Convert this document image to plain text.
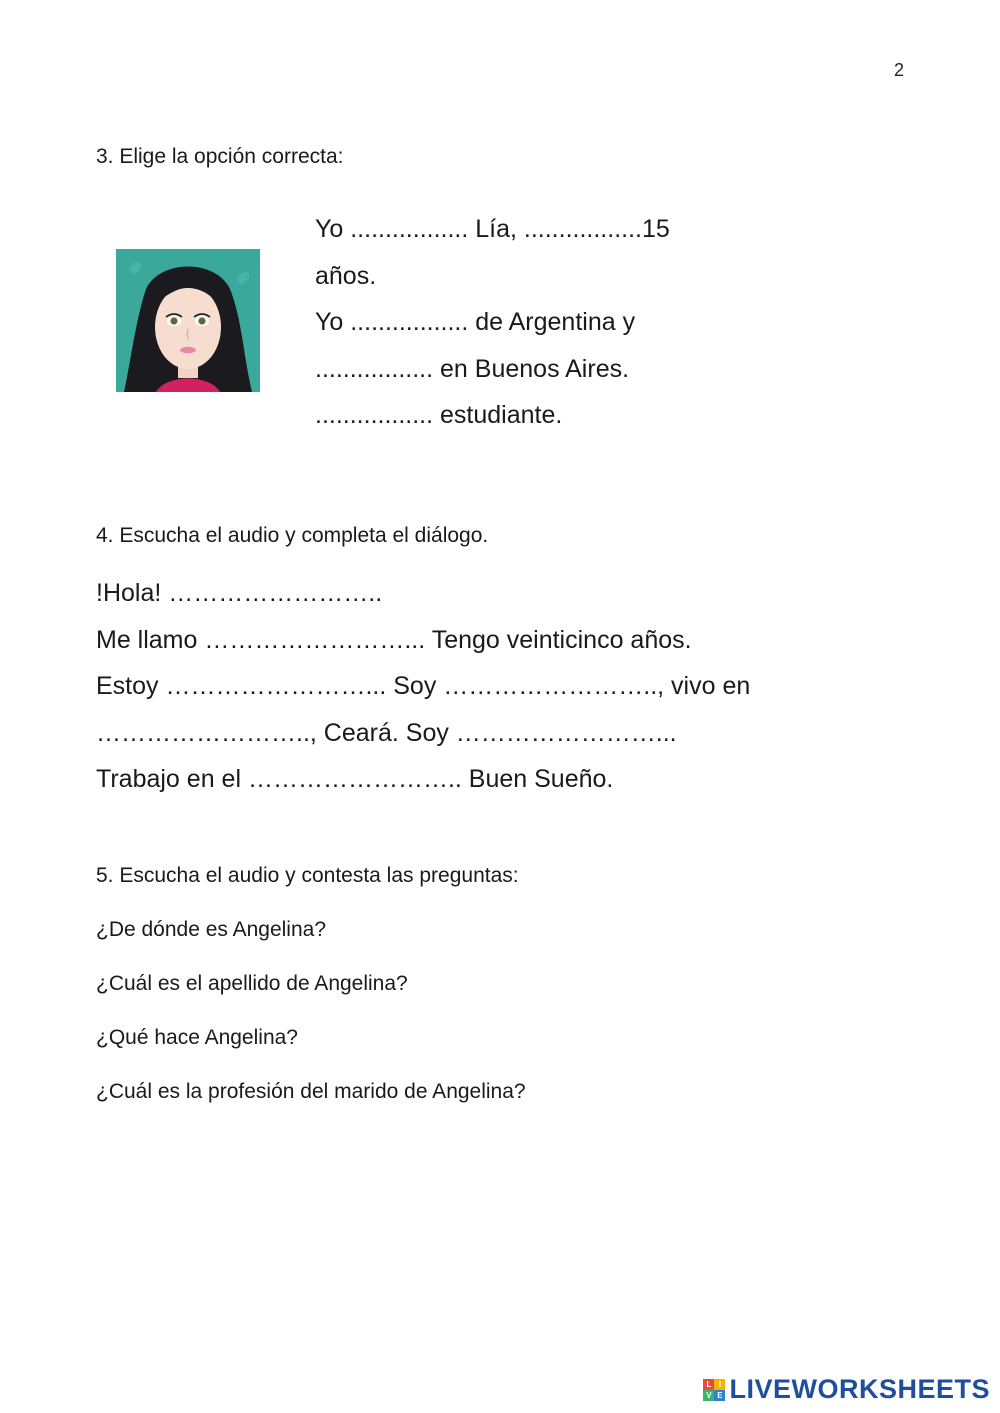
2
3. Elige la opción correcta:
Yo ................. Lía, .................15
años.
Yo ................. de Argentina y
................. en Buenos Aires.
................. estudiante.
4. Escucha el audio y completa el diálogo.
!Hola! ……………………..
Me llamo ……………………... Tengo veinticinco años.
Estoy ……………………... Soy …………………….., vivo en
…………………….., Ceará. Soy ……………………...
Trabajo en el …………………….. Buen Sueño.
5. Escucha el audio y contesta las preguntas:
¿De dónde es Angelina?
¿Cuál es el apellido de Angelina?
¿Qué hace Angelina?
¿Cuál es la profesión del marido de Angelina?
L I
V E LIVEWORKSHEETS
